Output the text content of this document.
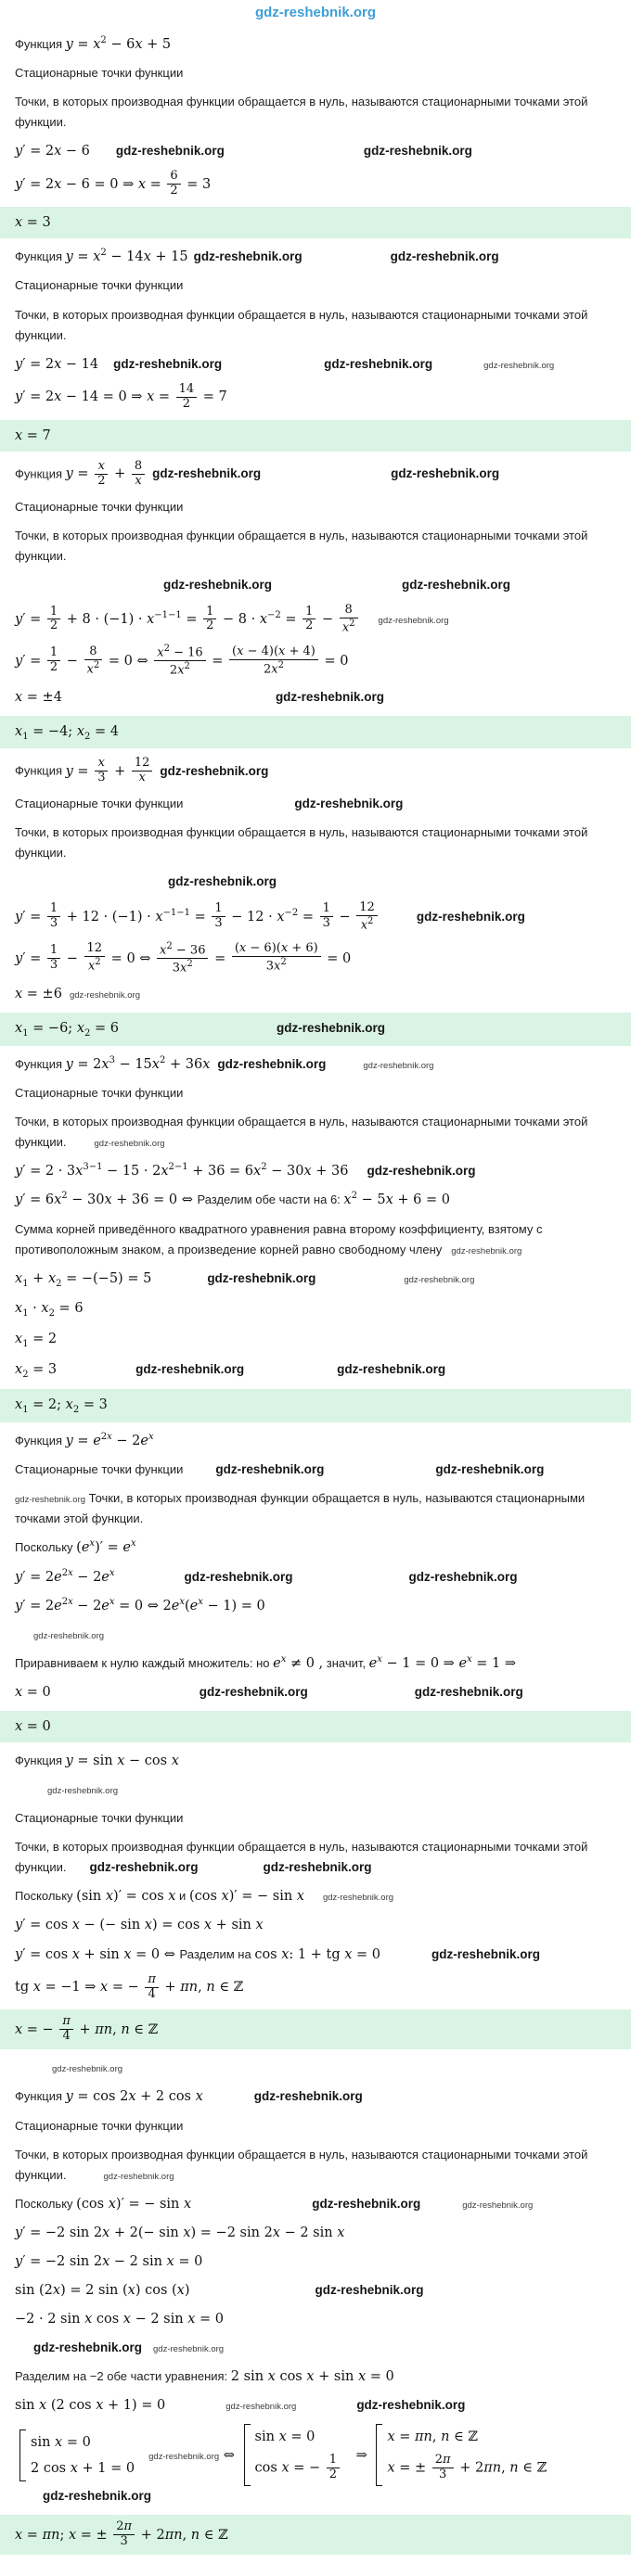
gdz-reshebnik.org
Функция $y = x^2 - 6x + 5$
Стационарные точки функции
Точки, в которых производная функции обращается в нуль, называются стационарными точками этой функции.
y′ = 2x − 6 gdz-reshebnik.org	gdz-reshebnik.org
y′ = 2x − 6 = 0 ⇒ $x = \frac{6}{2} = 3$
x = 3
Функция $y = x^2 - 14x + 15$ gdz-reshebnik.org	gdz-reshebnik.org
Стационарные точки функции
Точки, в которых производная функции обращается в нуль, называются стационарными точками этой функции.
y′ = 2x − 14 gdz-reshebnik.org	gdz-reshebnik.org	gdz-reshebnik.org
y′ = 2x − 14 = 0 ⇒ $x = \frac{14}{2} = 7$
x = 7
Функция $y = \frac{x}{2} + \frac{8}{x}$ gdz-reshebnik.org	gdz-reshebnik.org
Стационарные точки функции
Точки, в которых производная функции обращается в нуль, называются стационарными точками этой функции.
gdz-reshebnik.org	gdz-reshebnik.org
$y' = \frac{1}{2} + 8 \cdot (-1) \cdot x^{-1-1} = \frac{1}{2} - 8 \cdot x^{-2} = \frac{1}{2} - \frac{8}{x^2}$ gdz-reshebnik.org
$y' = \frac{1}{2} - \frac{8}{x^2} = 0$ ⇔ $\frac{x^2 - 16}{2x^2} = \frac{(x - 4)(x + 4)}{2x^2} = 0$
x = ±4	gdz-reshebnik.org
$x_1 = -4$; $x_2 = 4$
Функция $y = \frac{x}{3} + \frac{12}{x}$ gdz-reshebnik.org
Стационарные точки функции	gdz-reshebnik.org
Точки, в которых производная функции обращается в нуль, называются стационарными точками этой функции.
gdz-reshebnik.org
$y' = \frac{1}{3} + 12 \cdot (-1) \cdot x^{-1-1} = \frac{1}{3} - 12 \cdot x^{-2} = \frac{1}{3} - \frac{12}{x^2}$	gdz-reshebnik.org
$y' = \frac{1}{3} - \frac{12}{x^2} = 0$ ⇔ $\frac{x^2 - 36}{3x^2} = \frac{(x - 6)(x + 6)}{3x^2} = 0$
x = ±6 gdz-reshebnik.org
$x_1 = -6$; $x_2 = 6$	gdz-reshebnik.org
Функция $y = 2x^3 - 15x^2 + 36x$ gdz-reshebnik.org	gdz-reshebnik.org
Стационарные точки функции
Точки, в которых производная функции обращается в нуль, называются стационарными точками этой функции.	gdz-reshebnik.org
$y' = 2 \cdot 3x^{3-1} - 15 \cdot 2x^{2-1} + 36 = 6x^2 - 30x + 36$ gdz-reshebnik.org
$y' = 6x^2 - 30x + 36 = 0$ ⇔ Разделим обе части на 6: $x^2 - 5x + 6 = 0$
Сумма корней приведённого квадратного уравнения равна второму коэффициенту, взятому с противоположным знаком, а произведение корней равно свободному члену gdz-reshebnik.org
$x_1 + x_2 = -(-5) = 5$	gdz-reshebnik.org	gdz-reshebnik.org
$x_1 \cdot x_2 = 6$
$x_1 = 2$
$x_2 = 3$	gdz-reshebnik.org	gdz-reshebnik.org
$x_1 = 2$; $x_2 = 3$
Функция $y = e^{2x} - 2e^x$
Стационарные точки функции	gdz-reshebnik.org	gdz-reshebnik.org
gdz-reshebnik.org Точки, в которых производная функции обращается в нуль, называются стационарными точками этой функции.
Поскольку $(e^x)' = e^x$
$y' = 2e^{2x} - 2e^x$	gdz-reshebnik.org	gdz-reshebnik.org
$y' = 2e^{2x} - 2e^x = 0$ ⇔ $2e^x(e^x - 1) = 0$
gdz-reshebnik.org
Приравниваем к нулю каждый множитель: но $e^x \ne 0$ , значит, $e^x - 1 = 0$ ⇒ $e^x = 1$ ⇒
x = 0	gdz-reshebnik.org	gdz-reshebnik.org
x = 0
Функция y = sin x − cos x
gdz-reshebnik.org
Стационарные точки функции
Точки, в которых производная функции обращается в нуль, называются стационарными точками этой функции. gdz-reshebnik.org	gdz-reshebnik.org
Поскольку (sin x)′ = cos x и (cos x)′ = − sin x gdz-reshebnik.org
y′ = cos x − (− sin x) = cos x + sin x
y′ = cos x + sin x = 0 ⇔ Разделим на cos x: 1 + tg x = 0	gdz-reshebnik.org
tg x = −1 ⇒ x = − $\frac{\pi}{4} + \pi n$, n ∈ ℤ
x = − $\frac{\pi}{4} + \pi n$, n ∈ ℤ
gdz-reshebnik.org
Функция y = cos 2x + 2 cos x	gdz-reshebnik.org
Стационарные точки функции
Точки, в которых производная функции обращается в нуль, называются стационарными точками этой функции.	gdz-reshebnik.org
Поскольку (cos x)′ = − sin x	gdz-reshebnik.org	gdz-reshebnik.org
y′ = −2 sin 2x + 2(− sin x) = −2 sin 2x − 2 sin x
y′ = −2 sin 2x − 2 sin x = 0
sin (2x) = 2 sin (x) cos (x)	gdz-reshebnik.org
−2 · 2 sin x cos x − 2 sin x = 0
gdz-reshebnik.org gdz-reshebnik.org
Разделим на −2 обе части уравнения: 2 sin x cos x + sin x = 0
sin x (2 cos x + 1) = 0	gdz-reshebnik.org	gdz-reshebnik.org
sin x = 0
2 cos x + 1 = 0
gdz-reshebnik.org ⇔
sin x = 0
cos x = − $\frac{1}{2}$ ⇒
x = πn, n ∈ ℤ
x = ± $\frac{2\pi}{3} + 2\pi n$, n ∈ ℤ
gdz-reshebnik.org
x = πn; x = ± $\frac{2\pi}{3} + 2\pi n$, n ∈ ℤ
